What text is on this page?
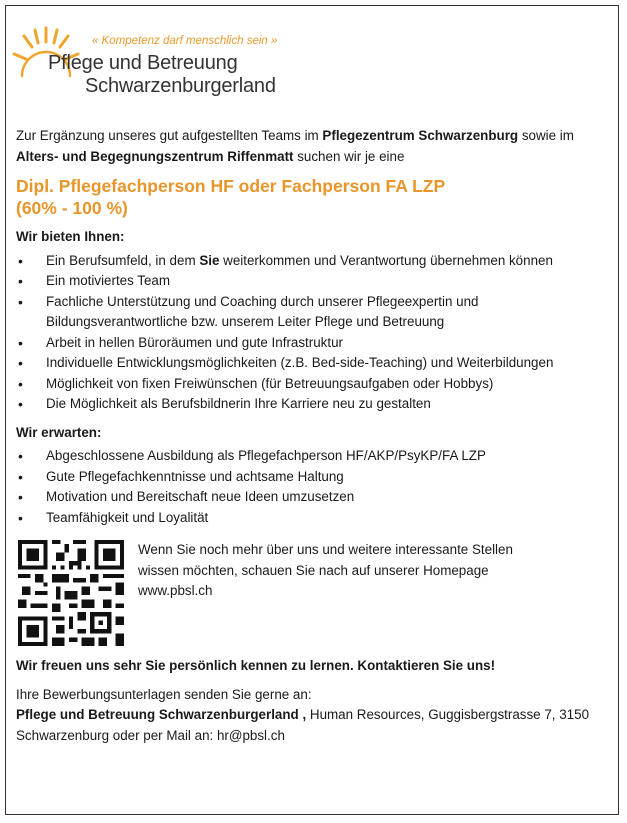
« Kompetenz darf menschlich sein »
Pflege und Betreuung
Schwarzenburgerland

Zur Ergänzung unseres gut aufgestellten Teams im Pflegezentrum Schwarzenburg sowie im Alters- und Begegnungszentrum Riffenmatt suchen wir je eine

Dipl. Pflegefachperson HF oder Fachperson FA LZP

(60% - 100 %)

Wir bieten Ihnen:

• Ein Berufsumfeld, in dem Sie weiterkommen und Verantwortung übernehmen können
• Ein motiviertes Team
• Fachliche Unterstützung und Coaching durch unserer Pflegeexpertin und Bildungsverantwortliche bzw. unserem Leiter Pflege und Betreuung
• Arbeit in hellen Büroräumen und gute Infrastruktur
• Individuelle Entwicklungsmöglichkeiten (z.B. Bed-side-Teaching) und Weiterbildungen
• Möglichkeit von fixen Freiwünschen (für Betreuungsaufgaben oder Hobbys)
• Die Möglichkeit als Berufsbildnerin Ihre Karriere neu zu gestalten

Wir erwarten:

• Abgeschlossene Ausbildung als Pflegefachperson HF/AKP/PsyKP/FA LZP
• Gute Pflegefachkenntnisse und achtsame Haltung
• Motivation und Bereitschaft neue Ideen umzusetzen
• Teamfähigkeit und Loyalität

Wenn Sie noch mehr über uns und weitere interessante Stellen

wissen möchten, schauen Sie nach auf unserer Homepage

www.pbsl.ch

Wir freuen uns sehr Sie persönlich kennen zu lernen. Kontaktieren Sie uns!

Ihre Bewerbungsunterlagen senden Sie gerne an:

Pflege und Betreuung Schwarzenburgerland , Human Resources, Guggisbergstrasse 7, 3150 Schwarzenburg oder per Mail an: hr@pbsl.ch
